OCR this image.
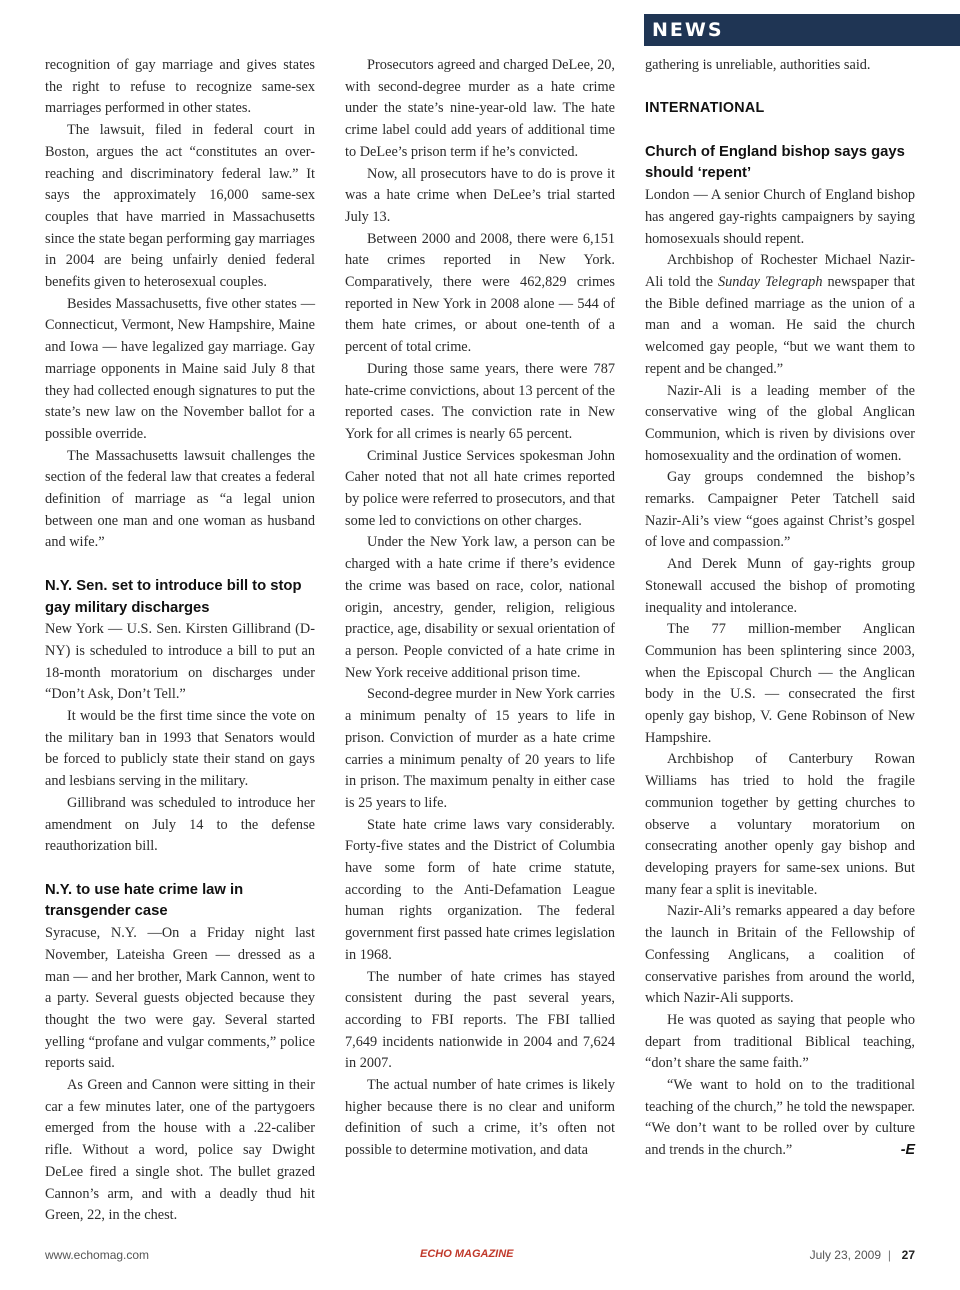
NEWS

recognition of gay marriage and gives states the right to refuse to recognize same-sex marriages performed in other states.

The lawsuit, filed in federal court in Boston, argues the act “constitutes an over-reaching and discriminatory federal law.” It says the approximately 16,000 same-sex couples that have married in Massachusetts since the state began performing gay marriages in 2004 are being unfairly denied federal benefits given to heterosexual couples.

Besides Massachusetts, five other states — Connecticut, Vermont, New Hampshire, Maine and Iowa — have legalized gay marriage. Gay marriage opponents in Maine said July 8 that they had collected enough signatures to put the state’s new law on the November ballot for a possible override.

The Massachusetts lawsuit challenges the section of the federal law that creates a federal definition of marriage as “a legal union between one man and one woman as husband and wife.”

N.Y. Sen. set to introduce bill to stop gay military discharges

New York — U.S. Sen. Kirsten Gillibrand (D-NY) is scheduled to introduce a bill to put an 18-month moratorium on discharges under “Don’t Ask, Don’t Tell.”

It would be the first time since the vote on the military ban in 1993 that Senators would be forced to publicly state their stand on gays and lesbians serving in the military.

Gillibrand was scheduled to introduce her amendment on July 14 to the defense reauthorization bill.

N.Y. to use hate crime law in transgender case

Syracuse, N.Y. —On a Friday night last November, Lateisha Green — dressed as a man — and her brother, Mark Cannon, went to a party. Several guests objected because they thought the two were gay. Several started yelling “profane and vulgar comments,” police reports said.

As Green and Cannon were sitting in their car a few minutes later, one of the partygoers emerged from the house with a .22-caliber rifle. Without a word, police say Dwight DeLee fired a single shot. The bullet grazed Cannon’s arm, and with a deadly thud hit Green, 22, in the chest.

Prosecutors agreed and charged DeLee, 20, with second-degree murder as a hate crime under the state’s nine-year-old law. The hate crime label could add years of additional time to DeLee’s prison term if he’s convicted.

Now, all prosecutors have to do is prove it was a hate crime when DeLee’s trial started July 13.

Between 2000 and 2008, there were 6,151 hate crimes reported in New York. Comparatively, there were 462,829 crimes reported in New York in 2008 alone — 544 of them hate crimes, or about one-tenth of a percent of total crime.

During those same years, there were 787 hate-crime convictions, about 13 percent of the reported cases. The conviction rate in New York for all crimes is nearly 65 percent.

Criminal Justice Services spokesman John Caher noted that not all hate crimes reported by police were referred to prosecutors, and that some led to convictions on other charges.

Under the New York law, a person can be charged with a hate crime if there’s evidence the crime was based on race, color, national origin, ancestry, gender, religion, religious practice, age, disability or sexual orientation of a person. People convicted of a hate crime in New York receive additional prison time.

Second-degree murder in New York carries a minimum penalty of 15 years to life in prison. Conviction of murder as a hate crime carries a minimum penalty of 20 years to life in prison. The maximum penalty in either case is 25 years to life.

State hate crime laws vary considerably. Forty-five states and the District of Columbia have some form of hate crime statute, according to the Anti-Defamation League human rights organization. The federal government first passed hate crimes legislation in 1968.

The number of hate crimes has stayed consistent during the past several years, according to FBI reports. The FBI tallied 7,649 incidents nationwide in 2004 and 7,624 in 2007.

The actual number of hate crimes is likely higher because there is no clear and uniform definition of such a crime, it’s often not possible to determine motivation, and data

gathering is unreliable, authorities said.

INTERNATIONAL
Church of England bishop says gays should ‘repent’

London — A senior Church of England bishop has angered gay-rights campaigners by saying homosexuals should repent.

Archbishop of Rochester Michael Nazir-Ali told the Sunday Telegraph newspaper that the Bible defined marriage as the union of a man and a woman. He said the church welcomed gay people, “but we want them to repent and be changed.”

Nazir-Ali is a leading member of the conservative wing of the global Anglican Communion, which is riven by divisions over homosexuality and the ordination of women.

Gay groups condemned the bishop’s remarks. Campaigner Peter Tatchell said Nazir-Ali’s view “goes against Christ’s gospel of love and compassion.”

And Derek Munn of gay-rights group Stonewall accused the bishop of promoting inequality and intolerance.

The 77 million-member Anglican Communion has been splintering since 2003, when the Episcopal Church — the Anglican body in the U.S. — consecrated the first openly gay bishop, V. Gene Robinson of New Hampshire.

Archbishop of Canterbury Rowan Williams has tried to hold the fragile communion together by getting churches to observe a voluntary moratorium on consecrating another openly gay bishop and developing prayers for same-sex unions. But many fear a split is inevitable.

Nazir-Ali’s remarks appeared a day before the launch in Britain of the Fellowship of Confessing Anglicans, a coalition of conservative parishes from around the world, which Nazir-Ali supports.

He was quoted as saying that people who depart from traditional Biblical teaching, “don’t share the same faith.”

“We want to hold on to the traditional teaching of the church,” he told the newspaper. “We don’t want to be rolled over by culture and trends in the church.”	-E

www.echomag.com	ECHO MAGAZINE	July 23, 2009 | 27
